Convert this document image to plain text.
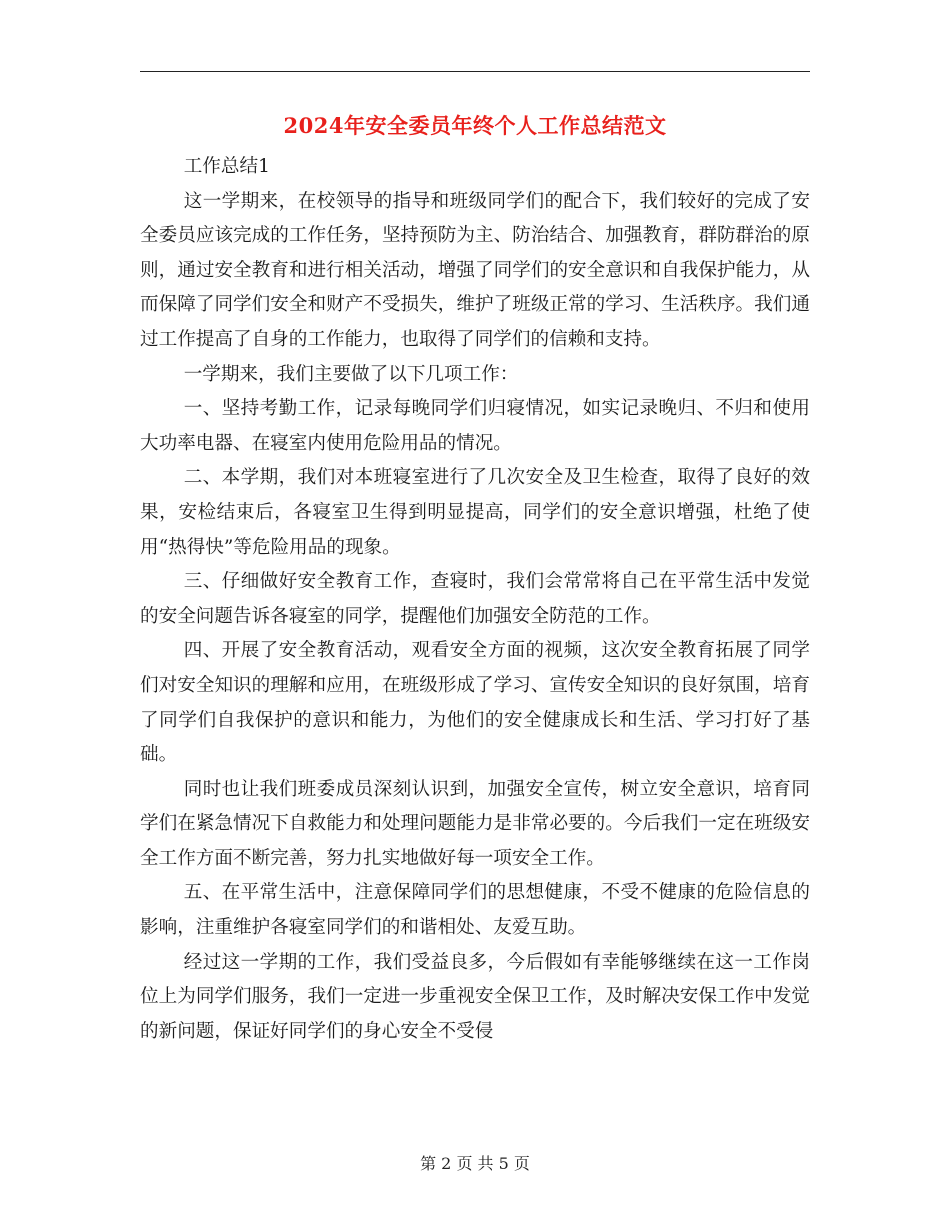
2024年安全委员年终个人工作总结范文

工作总结1

这一学期来，在校领导的指导和班级同学们的配合下，我们较好的完成了安全委员应该完成的工作任务，坚持预防为主、防治结合、加强教育，群防群治的原则，通过安全教育和进行相关活动，增强了同学们的安全意识和自我保护能力，从而保障了同学们安全和财产不受损失，维护了班级正常的学习、生活秩序。我们通过工作提高了自身的工作能力，也取得了同学们的信赖和支持。

一学期来，我们主要做了以下几项工作：

一、坚持考勤工作，记录每晚同学们归寝情况，如实记录晚归、不归和使用大功率电器、在寝室内使用危险用品的情况。

二、本学期，我们对本班寝室进行了几次安全及卫生检查，取得了良好的效果，安检结束后，各寝室卫生得到明显提高，同学们的安全意识增强，杜绝了使用“热得快”等危险用品的现象。

三、仔细做好安全教育工作，查寝时，我们会常常将自己在平常生活中发觉的安全问题告诉各寝室的同学，提醒他们加强安全防范的工作。

四、开展了安全教育活动，观看安全方面的视频，这次安全教育拓展了同学们对安全知识的理解和应用，在班级形成了学习、宣传安全知识的良好氛围，培育了同学们自我保护的意识和能力，为他们的安全健康成长和生活、学习打好了基础。

同时也让我们班委成员深刻认识到，加强安全宣传，树立安全意识，培育同学们在紧急情况下自救能力和处理问题能力是非常必要的。今后我们一定在班级安全工作方面不断完善，努力扎实地做好每一项安全工作。

五、在平常生活中，注意保障同学们的思想健康，不受不健康的危险信息的影响，注重维护各寝室同学们的和谐相处、友爱互助。

经过这一学期的工作，我们受益良多，今后假如有幸能够继续在这一工作岗位上为同学们服务，我们一定进一步重视安全保卫工作，及时解决安保工作中发觉的新问题，保证好同学们的身心安全不受侵

第 2 页 共 5 页
